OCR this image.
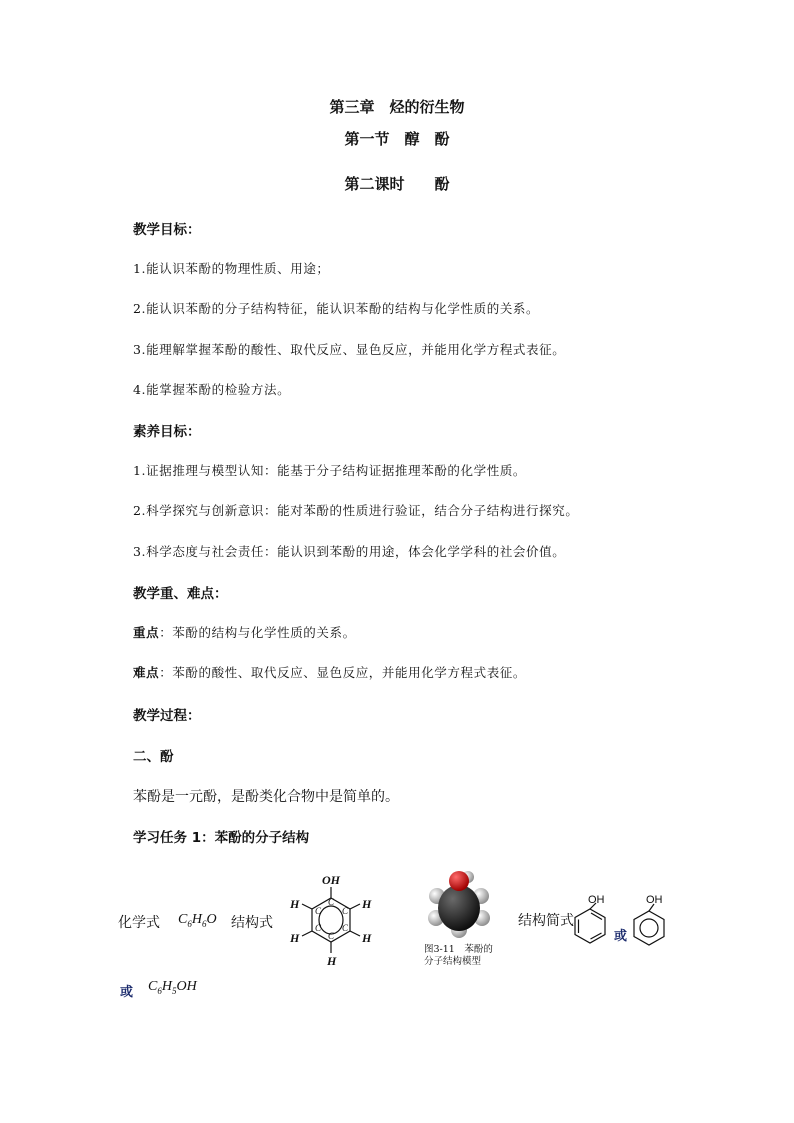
第三章　烃的衍生物
第一节　醇　酚
第二课时　　酚
教学目标：
1.能认识苯酚的物理性质、用途；
2.能认识苯酚的分子结构特征，能认识苯酚的结构与化学性质的关系。
3.能理解掌握苯酚的酸性、取代反应、显色反应，并能用化学方程式表征。
4.能掌握苯酚的检验方法。
素养目标：
1.证据推理与模型认知：能基于分子结构证据推理苯酚的化学性质。
2.科学探究与创新意识：能对苯酚的性质进行验证，结合分子结构进行探究。
3.科学态度与社会责任：能认识到苯酚的用途，体会化学学科的社会价值。
教学重、难点：
重点：苯酚的结构与化学性质的关系。
难点：苯酚的酸性、取代反应、显色反应，并能用化学方程式表征。
教学过程：
二、酚
苯酚是一元酚，是酚类化合物中是简单的。
学习任务 1：苯酚的分子结构
化学式 $C_6H_6O$ 结构式
OH
H
H
H
H
H	C
C
C
C
C
C
图3-11　苯酚的
分子结构模型
结构简式
OH
或
OH
或 $C_6H_5OH$
